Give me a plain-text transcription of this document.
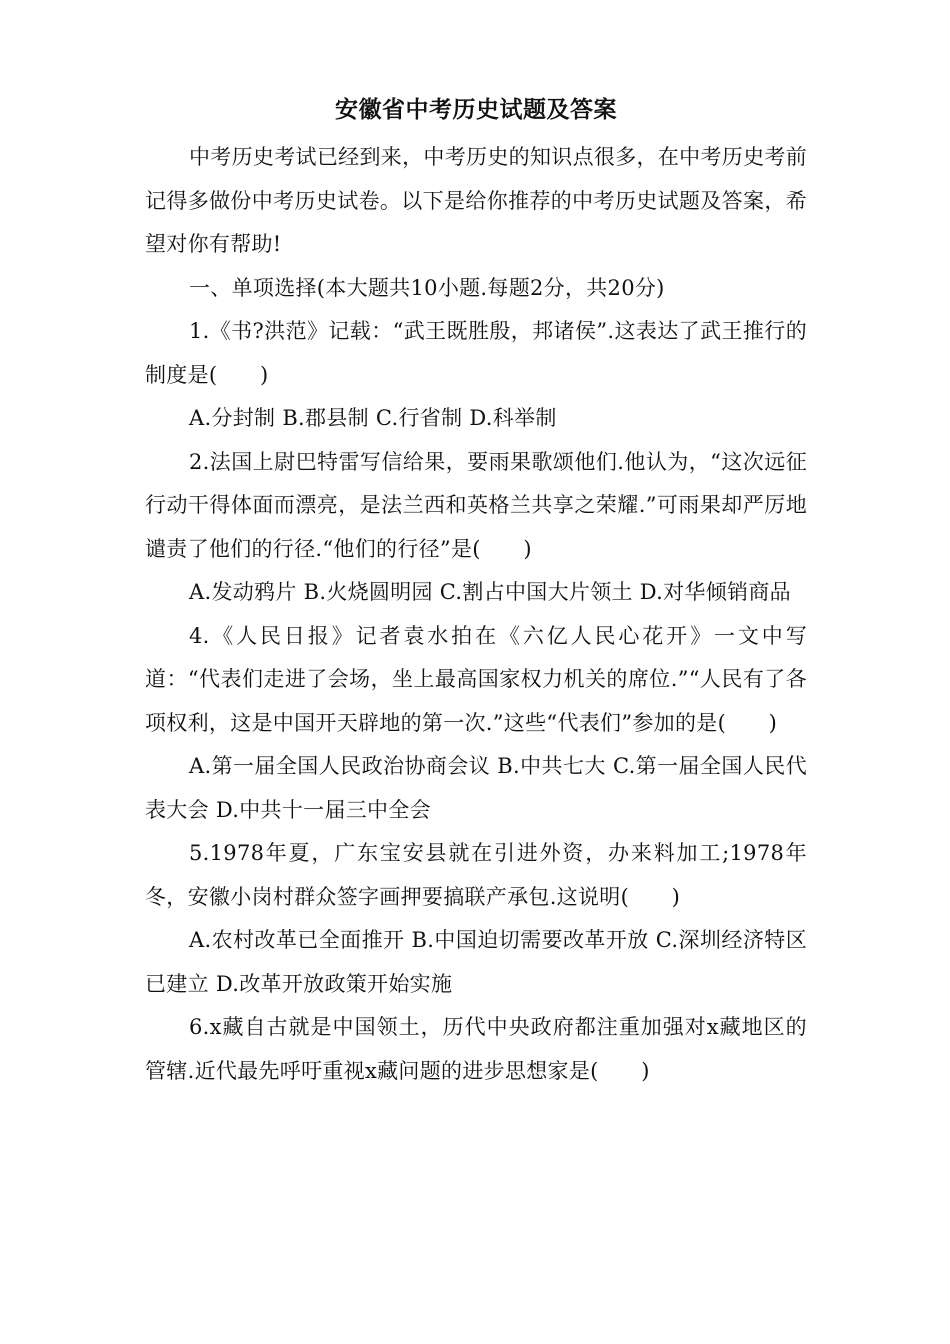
安徽省中考历史试题及答案

中考历史考试已经到来，中考历史的知识点很多，在中考历史考前记得多做份中考历史试卷。以下是给你推荐的中考历史试题及答案，希望对你有帮助!

一、单项选择(本大题共10小题.每题2分，共20分)

1.《书?洪范》记载：“武王既胜殷，邦诸侯”.这表达了武王推行的制度是(　　)

A.分封制 B.郡县制 C.行省制 D.科举制

2.法国上尉巴特雷写信给果，要雨果歌颂他们.他认为，“这次远征行动干得体面而漂亮，是法兰西和英格兰共享之荣耀.”可雨果却严厉地谴责了他们的行径.“他们的行径”是(　　)

A.发动鸦片 B.火烧圆明园 C.割占中国大片领土 D.对华倾销商品

4.《人民日报》记者袁水拍在《六亿人民心花开》一文中写道：“代表们走进了会场，坐上最高国家权力机关的席位.”“人民有了各项权利，这是中国开天辟地的第一次.”这些“代表们”参加的是(　　)

A.第一届全国人民政治协商会议 B.中共七大 C.第一届全国人民代表大会 D.中共十一届三中全会

5.1978年夏，广东宝安县就在引进外资，办来料加工;1978年冬，安徽小岗村群众签字画押要搞联产承包.这说明(　　)

A.农村改革已全面推开 B.中国迫切需要改革开放 C.深圳经济特区已建立 D.改革开放政策开始实施

6.x藏自古就是中国领土，历代中央政府都注重加强对x藏地区的管辖.近代最先呼吁重视x藏问题的进步思想家是(　　)
